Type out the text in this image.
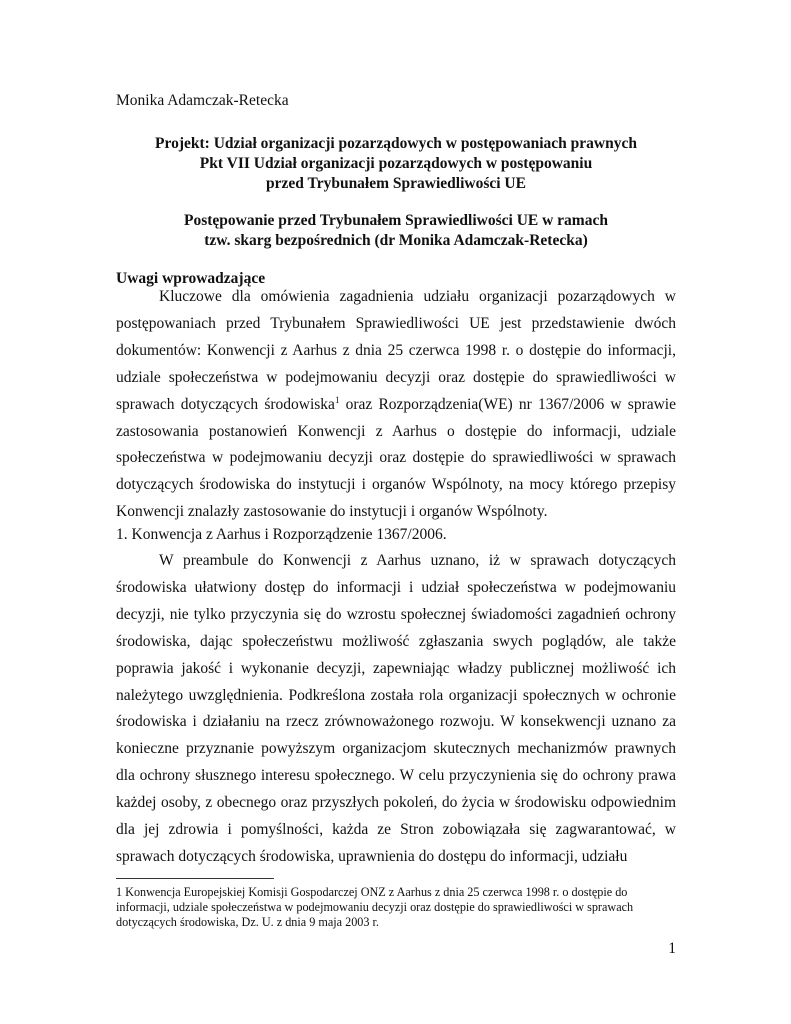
Monika Adamczak-Retecka
Projekt: Udział organizacji pozarządowych w postępowaniach prawnych
Pkt VII Udział organizacji pozarządowych w postępowaniu
przed Trybunałem Sprawiedliwości UE
Postępowanie przed Trybunałem Sprawiedliwości UE w ramach
tzw. skarg bezpośrednich (dr Monika Adamczak-Retecka)
Uwagi wprowadzające

Kluczowe dla omówienia zagadnienia udziału organizacji pozarządowych w postępowaniach przed Trybunałem Sprawiedliwości UE jest przedstawienie dwóch dokumentów: Konwencji z Aarhus z dnia 25 czerwca 1998 r. o dostępie do informacji, udziale społeczeństwa w podejmowaniu decyzji oraz dostępie do sprawiedliwości w sprawach dotyczących środowiska$^1$ oraz Rozporządzenia(WE) nr 1367/2006 w sprawie zastosowania postanowień Konwencji z Aarhus o dostępie do informacji, udziale społeczeństwa w podejmowaniu decyzji oraz dostępie do sprawiedliwości w sprawach dotyczących środowiska do instytucji i organów Wspólnoty, na mocy którego przepisy Konwencji znalazły zastosowanie do instytucji i organów Wspólnoty.

1. Konwencja z Aarhus i Rozporządzenie 1367/2006.

W preambule do Konwencji z Aarhus uznano, iż w sprawach dotyczących środowiska ułatwiony dostęp do informacji i udział społeczeństwa w podejmowaniu decyzji, nie tylko przyczynia się do wzrostu społecznej świadomości zagadnień ochrony środowiska, dając społeczeństwu możliwość zgłaszania swych poglądów, ale także poprawia jakość i wykonanie decyzji, zapewniając władzy publicznej możliwość ich należytego uwzględnienia. Podkreślona została rola organizacji społecznych w ochronie środowiska i działaniu na rzecz zrównoważonego rozwoju. W konsekwencji uznano za konieczne przyznanie powyższym organizacjom skutecznych mechanizmów prawnych dla ochrony słusznego interesu społecznego. W celu przyczynienia się do ochrony prawa każdej osoby, z obecnego oraz przyszłych pokoleń, do życia w środowisku odpowiednim dla jej zdrowia i pomyślności, każda ze Stron zobowiązała się zagwarantować, w sprawach dotyczących środowiska, uprawnienia do dostępu do informacji, udziału

1 Konwencja Europejskiej Komisji Gospodarczej ONZ z Aarhus z dnia 25 czerwca 1998 r. o dostępie do informacji, udziale społeczeństwa w podejmowaniu decyzji oraz dostępie do sprawiedliwości w sprawach dotyczących środowiska, Dz. U. z dnia 9 maja 2003 r.
1
